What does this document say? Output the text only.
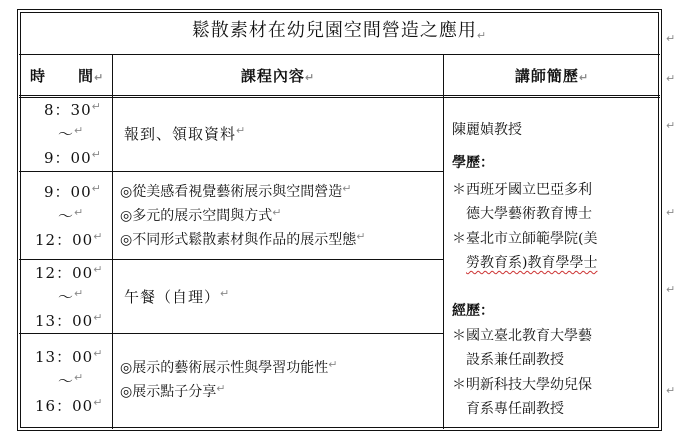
鬆散素材在幼兒園空間營造之應用↵
時　　間↵	課程內容↵	講師簡歷↵
8：30 ↵
～ ↵
9：00 ↵
報到、領取資料 ↵
9：00 ↵
～ ↵
12：00 ↵
◎從美感看視覺藝術展示與空間營造 ↵
◎多元的展示空間與方式 ↵
◎不同形式鬆散素材與作品的展示型態 ↵
12：00 ↵
～ ↵
13：00 ↵
午餐（自理） ↵
13：00 ↵
～ ↵
16：00 ↵
◎展示的藝術展示性與學習功能性 ↵
◎展示點子分享 ↵
陳麗媜教授
學歷：
＊西班牙國立巴亞多利
德大學藝術教育博士
＊臺北市立師範學院(美
勞教育系)教育學學士
經歷：
＊國立臺北教育大學藝
設系兼任副教授
＊明新科技大學幼兒保
育系專任副教授
↵
↵
↵
↵
↵
↵
